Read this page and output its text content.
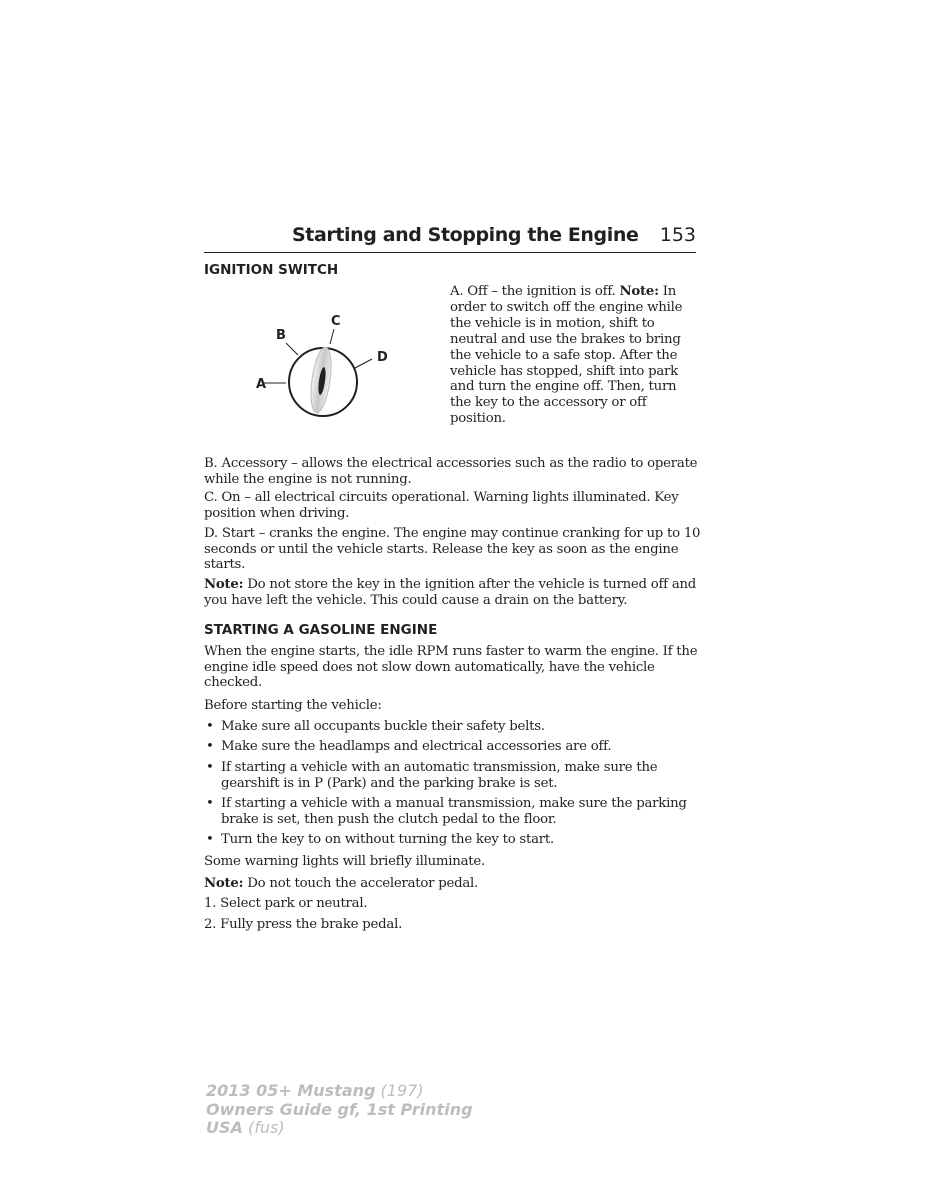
Starting and Stopping the Engine 153
IGNITION SWITCH
A
B
C
D
A. Off – the ignition is off. Note: In order to switch off the engine while the vehicle is in motion, shift to neutral and use the brakes to bring the vehicle to a safe stop. After the vehicle has stopped, shift into park and turn the engine off. Then, turn the key to the accessory or off position.

B. Accessory – allows the electrical accessories such as the radio to operate while the engine is not running.

C. On – all electrical circuits operational. Warning lights illuminated. Key position when driving.

D. Start – cranks the engine. The engine may continue cranking for up to 10 seconds or until the vehicle starts. Release the key as soon as the engine starts.

Note: Do not store the key in the ignition after the vehicle is turned off and you have left the vehicle. This could cause a drain on the battery.

STARTING A GASOLINE ENGINE

When the engine starts, the idle RPM runs faster to warm the engine. If the engine idle speed does not slow down automatically, have the vehicle checked.

Before starting the vehicle:

• Make sure all occupants buckle their safety belts.
• Make sure the headlamps and electrical accessories are off.
• If starting a vehicle with an automatic transmission, make sure the gearshift is in P (Park) and the parking brake is set.
• If starting a vehicle with a manual transmission, make sure the parking brake is set, then push the clutch pedal to the floor.
• Turn the key to on without turning the key to start.

Some warning lights will briefly illuminate.

Note: Do not touch the accelerator pedal.

1. Select park or neutral.

2. Fully press the brake pedal.

2013 05+ Mustang (197)
Owners Guide gf, 1st Printing
USA (fus)
